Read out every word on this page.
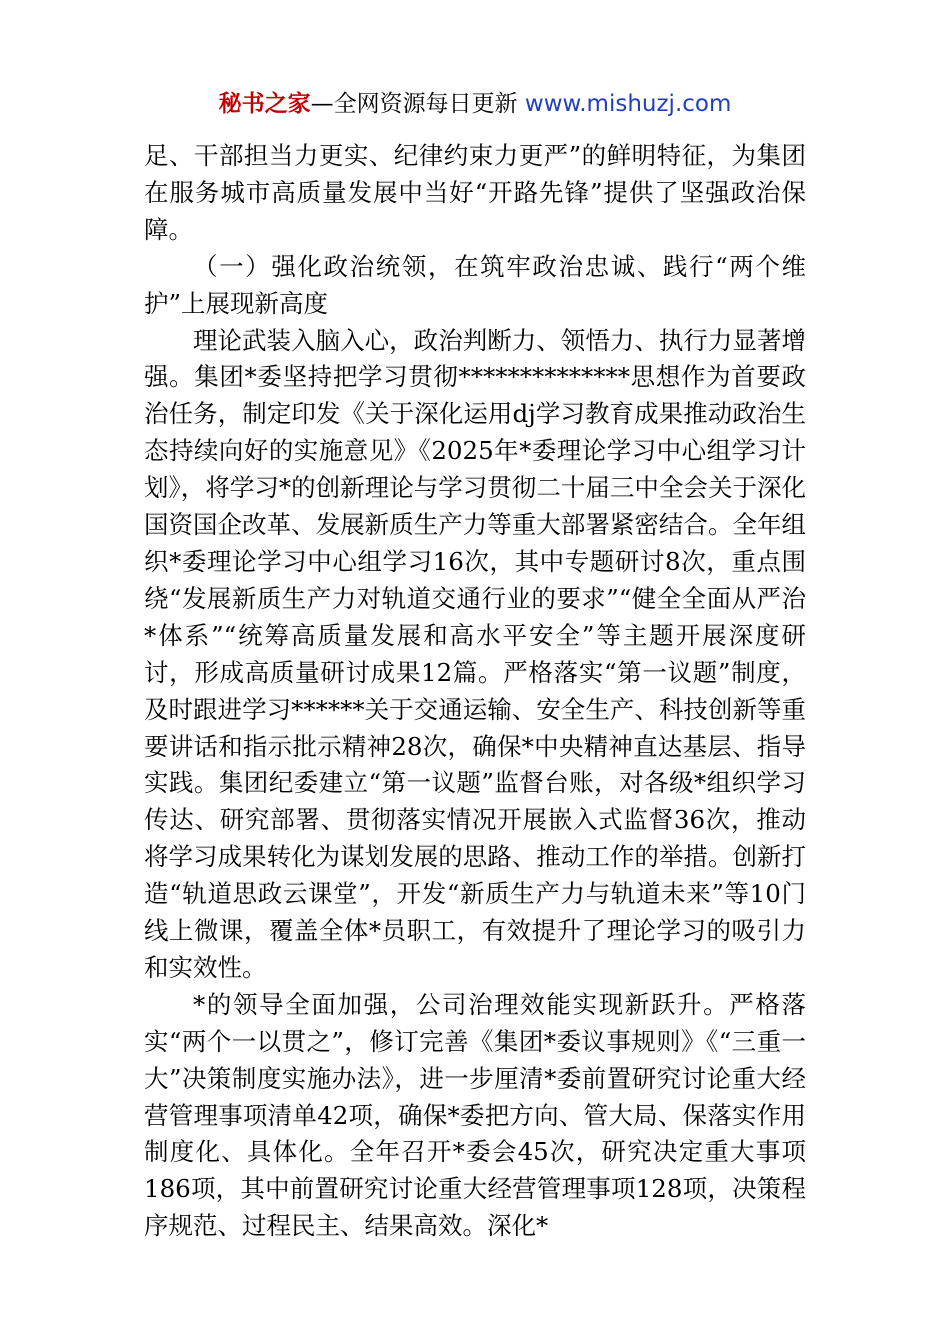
秘书之家—全网资源每日更新 www.mishuzj.com

足、干部担当力更实、纪律约束力更严”的鲜明特征，为集团在服务城市高质量发展中当好“开路先锋”提供了坚强政治保障。

（一）强化政治统领，在筑牢政治忠诚、践行“两个维护”上展现新高度

理论武装入脑入心，政治判断力、领悟力、执行力显著增强。集团*委坚持把学习贯彻**************思想作为首要政治任务，制定印发《关于深化运用dj学习教育成果推动政治生态持续向好的实施意见》《2025年*委理论学习中心组学习计划》，将学习*的创新理论与学习贯彻二十届三中全会关于深化国资国企改革、发展新质生产力等重大部署紧密结合。全年组织*委理论学习中心组学习16次，其中专题研讨8次，重点围绕“发展新质生产力对轨道交通行业的要求”“健全全面从严治*体系”“统筹高质量发展和高水平安全”等主题开展深度研讨，形成高质量研讨成果12篇。严格落实“第一议题”制度，及时跟进学习******关于交通运输、安全生产、科技创新等重要讲话和指示批示精神28次，确保*中央精神直达基层、指导实践。集团纪委建立“第一议题”监督台账，对各级*组织学习传达、研究部署、贯彻落实情况开展嵌入式监督36次，推动将学习成果转化为谋划发展的思路、推动工作的举措。创新打造“轨道思政云课堂”，开发“新质生产力与轨道未来”等10门线上微课，覆盖全体*员职工，有效提升了理论学习的吸引力和实效性。

*的领导全面加强，公司治理效能实现新跃升。严格落实“两个一以贯之”，修订完善《集团*委议事规则》《“三重一大”决策制度实施办法》，进一步厘清*委前置研究讨论重大经营管理事项清单42项，确保*委把方向、管大局、保落实作用制度化、具体化。全年召开*委会45次，研究决定重大事项186项，其中前置研究讨论重大经营管理事项128项，决策程序规范、过程民主、结果高效。深化*
